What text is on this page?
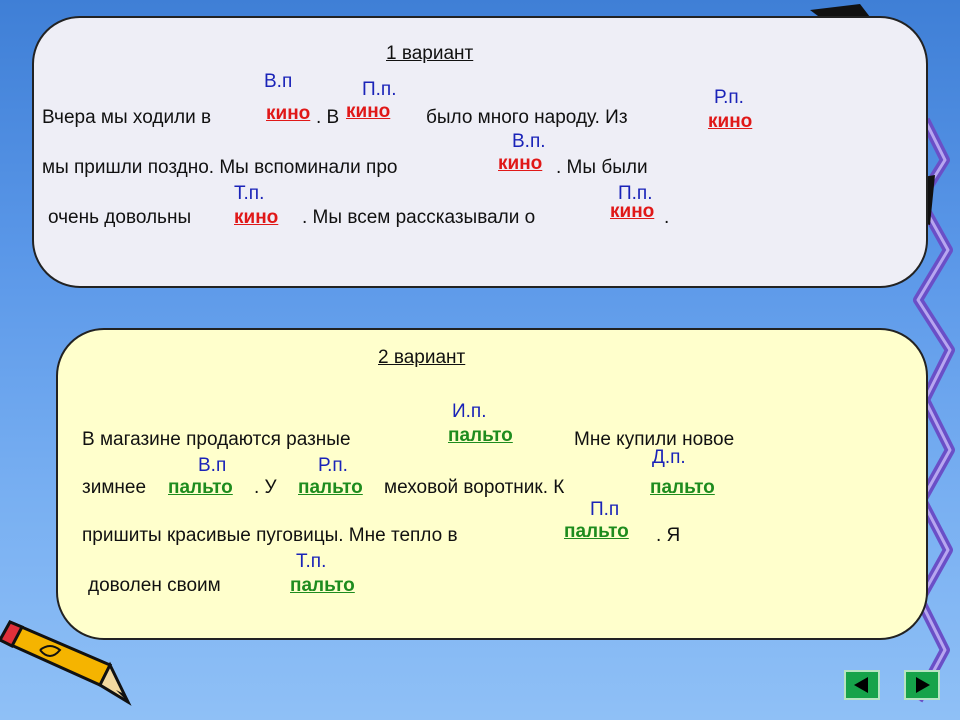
1 вариант
В.п	П.п.	Р.п.
Вчера мы ходили в	кино . В кино было много народу. Из	кино
В.п.
мы пришли поздно. Мы вспоминали про	кино . Мы были
Т.п.	П.п.
очень довольны кино . Мы всем рассказывали о	кино .
2 вариант
И.п.
В магазине продаются разные	пальто	Мне купили новое
В.п	Р.п.	Д.п.
зимнее пальто . У пальто меховой воротник. К	пальто
П.п
пришиты красивые пуговицы. Мне тепло в	пальто . Я
Т.п.
доволен своим	пальто
